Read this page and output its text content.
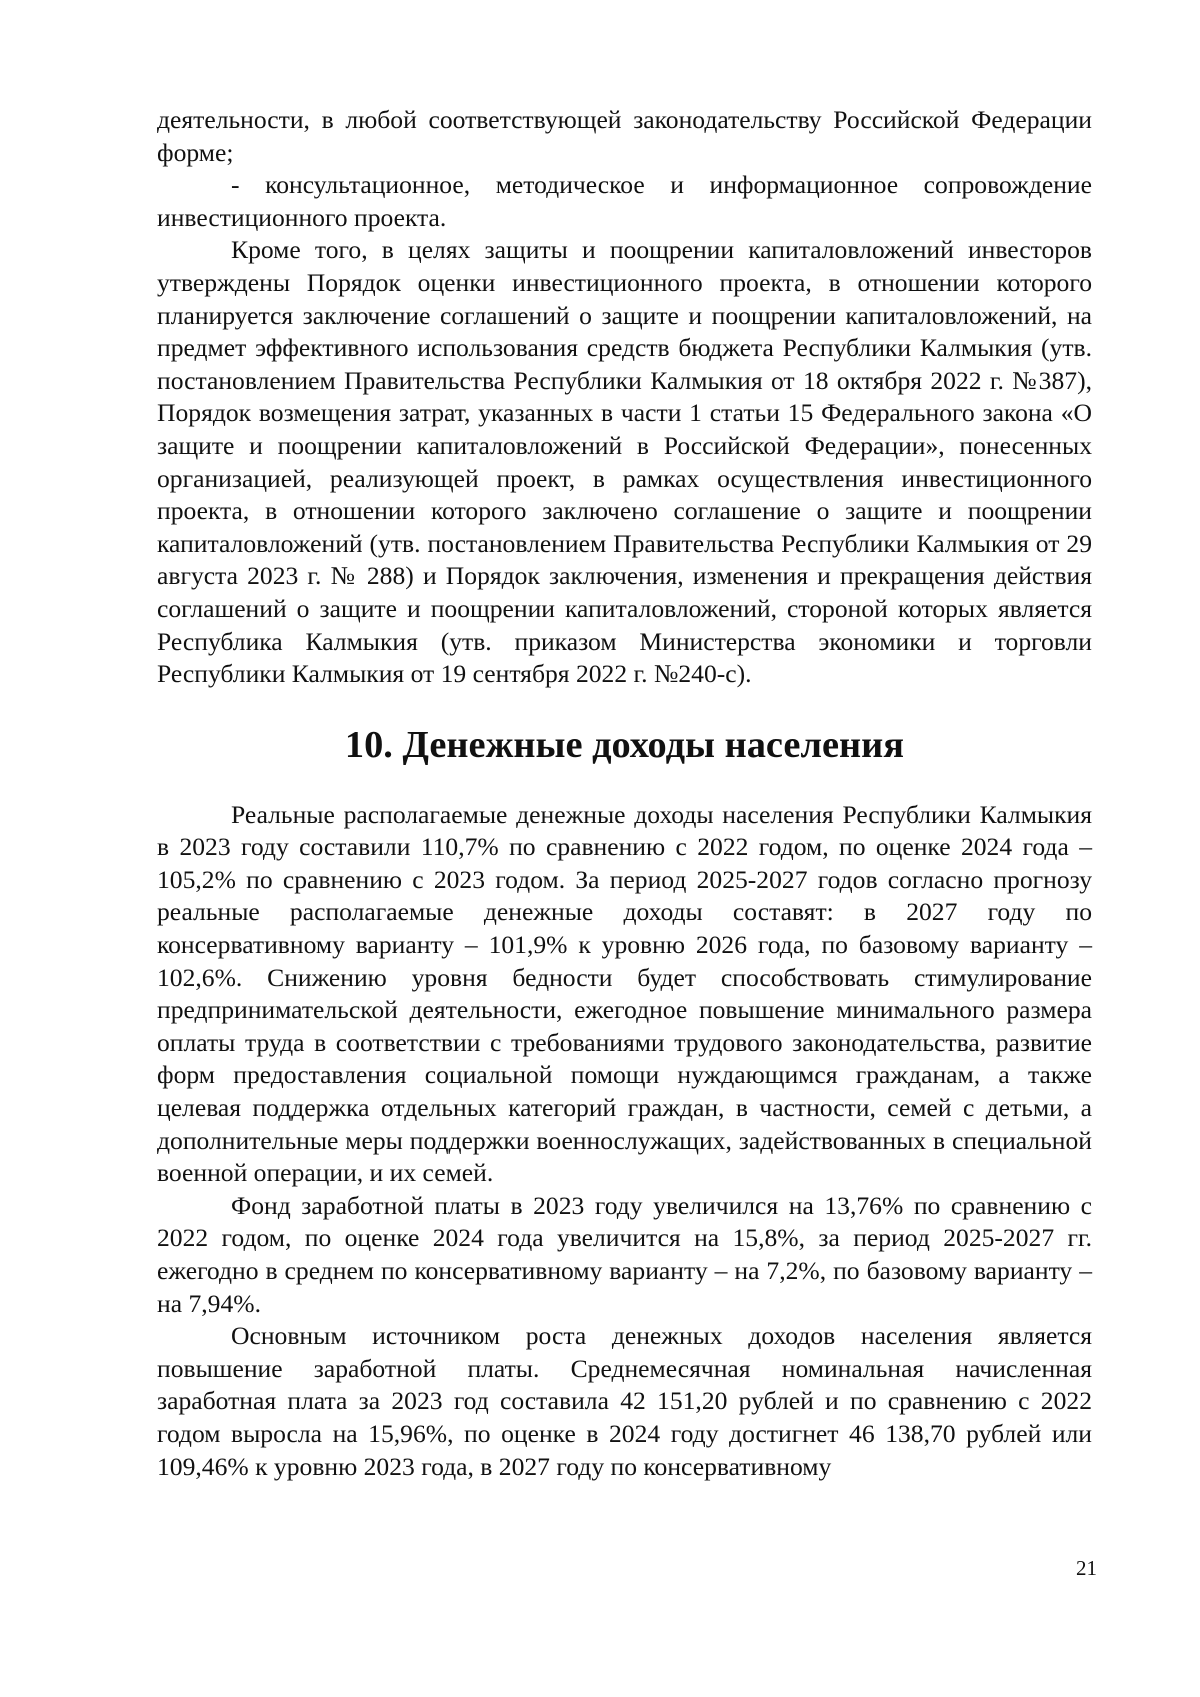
деятельности, в любой соответствующей законодательству Российской Федерации форме;

- консультационное, методическое и информационное сопровождение инвестиционного проекта.

Кроме того, в целях защиты и поощрении капиталовложений инвесторов утверждены Порядок оценки инвестиционного проекта, в отношении которого планируется заключение соглашений о защите и поощрении капиталовложений, на предмет эффективного использования средств бюджета Республики Калмыкия (утв. постановлением Правительства Республики Калмыкия от 18 октября 2022 г. №387), Порядок возмещения затрат, указанных в части 1 статьи 15 Федерального закона «О защите и поощрении капиталовложений в Российской Федерации», понесенных организацией, реализующей проект, в рамках осуществления инвестиционного проекта, в отношении которого заключено соглашение о защите и поощрении капиталовложений (утв. постановлением Правительства Республики Калмыкия от 29 августа 2023 г. № 288) и Порядок заключения, изменения и прекращения действия соглашений о защите и поощрении капиталовложений, стороной которых является Республика Калмыкия (утв. приказом Министерства экономики и торговли Республики Калмыкия от 19 сентября 2022 г. №240-с).

10. Денежные доходы населения

Реальные располагаемые денежные доходы населения Республики Калмыкия в 2023 году составили 110,7% по сравнению с 2022 годом, по оценке 2024 года – 105,2% по сравнению с 2023 годом. За период 2025-2027 годов согласно прогнозу реальные располагаемые денежные доходы составят: в 2027 году по консервативному варианту – 101,9% к уровню 2026 года, по базовому варианту – 102,6%. Снижению уровня бедности будет способствовать стимулирование предпринимательской деятельности, ежегодное повышение минимального размера оплаты труда в соответствии с требованиями трудового законодательства, развитие форм предоставления социальной помощи нуждающимся гражданам, а также целевая поддержка отдельных категорий граждан, в частности, семей с детьми, а дополнительные меры поддержки военнослужащих, задействованных в специальной военной операции, и их семей.

Фонд заработной платы в 2023 году увеличился на 13,76% по сравнению с 2022 годом, по оценке 2024 года увеличится на 15,8%, за период 2025-2027 гг. ежегодно в среднем по консервативному варианту – на 7,2%, по базовому варианту – на 7,94%.

Основным источником роста денежных доходов населения является повышение заработной платы. Среднемесячная номинальная начисленная заработная плата за 2023 год составила 42 151,20 рублей и по сравнению с 2022 годом выросла на 15,96%, по оценке в 2024 году достигнет 46 138,70 рублей или 109,46% к уровню 2023 года, в 2027 году по консервативному

21
